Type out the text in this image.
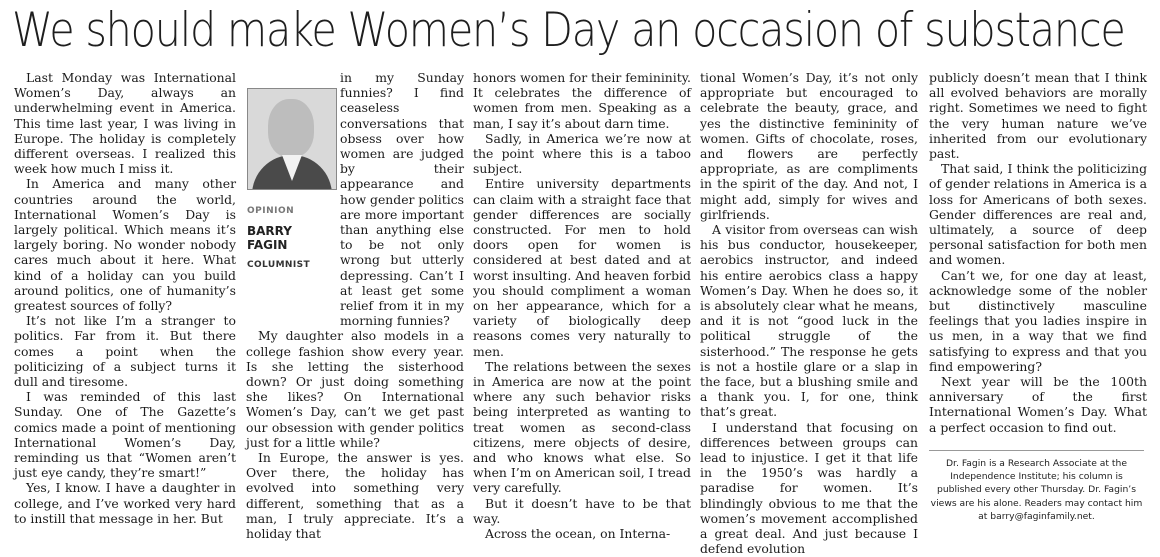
We should make Women’s Day an occasion of substance

Last Monday was International Women’s Day, always an underwhelming event in America. This time last year, I was living in Europe. The holiday is completely different overseas. I realized this week how much I miss it.

In America and many other countries around the world, International Women’s Day is largely political. Which means it’s largely boring. No wonder nobody cares much about it here. What kind of a holiday can you build around politics, one of humanity’s greatest sources of folly?

It’s not like I’m a stranger to politics. Far from it. But there comes a point when the politicizing of a subject turns it dull and tiresome.

I was reminded of this last Sunday. One of The Gazette’s comics made a point of mentioning International Women’s Day, reminding us that “Women aren’t just eye candy, they’re smart!”

Yes, I know. I have a daughter in college, and I’ve worked very hard to instill that message in her. But

OPINION
BARRY
FAGIN
COLUMNIST

in my Sunday funnies? I find ceaseless conversations that obsess over how women are judged by their appearance and how gender politics are more important than anything else to be not only wrong but utterly depressing. Can’t I at least get some relief from it in my morning funnies?

My daughter also models in a college fashion show every year. Is she letting the sisterhood down? Or just doing something she likes? On International Women’s Day, can’t we get past our obsession with gender politics just for a little while?

In Europe, the answer is yes. Over there, the holiday has evolved into something very different, something that as a man, I truly appreciate. It’s a holiday that

honors women for their femininity. It celebrates the difference of women from men. Speaking as a man, I say it’s about darn time.

Sadly, in America we’re now at the point where this is a taboo subject.

Entire university departments can claim with a straight face that gender differences are socially constructed. For men to hold doors open for women is considered at best dated and at worst insulting. And heaven forbid you should compliment a woman on her appearance, which for a variety of biologically deep reasons comes very naturally to men.

The relations between the sexes in America are now at the point where any such behavior risks being interpreted as wanting to treat women as second-class citizens, mere objects of desire, and who knows what else. So when I’m on American soil, I tread very carefully.

But it doesn’t have to be that way.

Across the ocean, on Interna-

tional Women’s Day, it’s not only appropriate but encouraged to celebrate the beauty, grace, and yes the distinctive femininity of women. Gifts of chocolate, roses, and flowers are perfectly appropriate, as are compliments in the spirit of the day. And not, I might add, simply for wives and girlfriends.

A visitor from overseas can wish his bus conductor, housekeeper, aerobics instructor, and indeed his entire aerobics class a happy Women’s Day. When he does so, it is absolutely clear what he means, and it is not “good luck in the political struggle of the sisterhood.” The response he gets is not a hostile glare or a slap in the face, but a blushing smile and a thank you. I, for one, think that’s great.

I understand that focusing on differences between groups can lead to injustice. I get it that life in the 1950’s was hardly a paradise for women. It’s blindingly obvious to me that the women’s movement accomplished a great deal. And just because I defend evolution

publicly doesn’t mean that I think all evolved behaviors are morally right. Sometimes we need to fight the very human nature we’ve inherited from our evolutionary past.

That said, I think the politicizing of gender relations in America is a loss for Americans of both sexes. Gender differences are real and, ultimately, a source of deep personal satisfaction for both men and women.

Can’t we, for one day at least, acknowledge some of the nobler but distinctively masculine feelings that you ladies inspire in us men, in a way that we find satisfying to express and that you find empowering?

Next year will be the 100th anniversary of the first International Women’s Day. What a perfect occasion to find out.

Dr. Fagin is a Research Associate at the Independence Institute; his column is published every other Thursday. Dr. Fagin’s views are his alone. Readers may contact him at barry@faginfamily.net.
